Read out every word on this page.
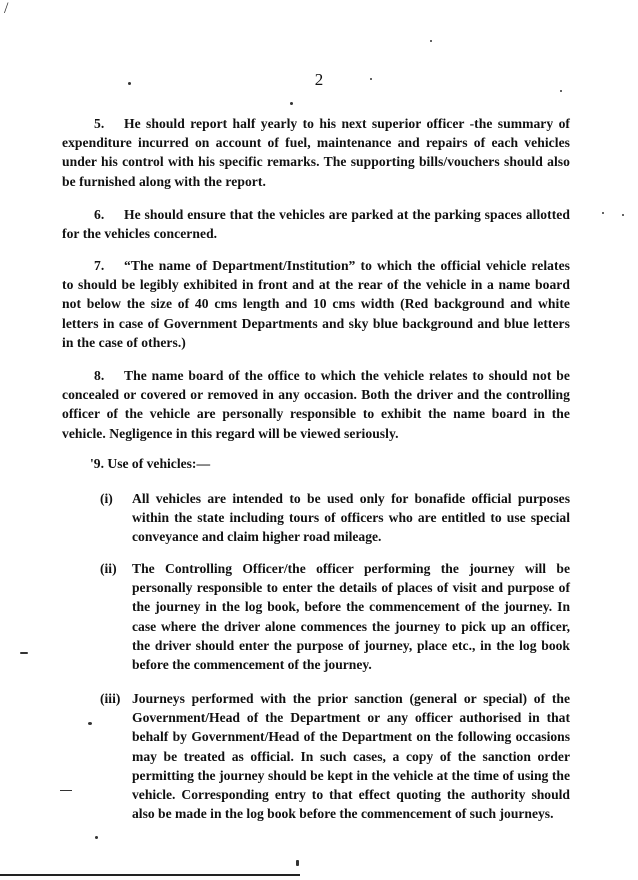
/
2
5. He should report half yearly to his next superior officer -the summary of expenditure incurred on account of fuel, maintenance and repairs of each vehicles under his control with his specific remarks. The supporting bills/vouchers should also be furnished along with the report.
6. He should ensure that the vehicles are parked at the parking spaces allotted for the vehicles concerned.
7. “The name of Department/Institution” to which the official vehicle relates to should be legibly exhibited in front and at the rear of the vehicle in a name board not below the size of 40 cms length and 10 cms width (Red background and white letters in case of Government Departments and sky blue background and blue letters in the case of others.)
8. The name board of the office to which the vehicle relates to should not be concealed or covered or removed in any occasion. Both the driver and the controlling officer of the vehicle are personally responsible to exhibit the name board in the vehicle. Negligence in this regard will be viewed seriously.
'9. Use of vehicles:—
(i)	All vehicles are intended to be used only for bonafide official purposes within the state including tours of officers who are entitled to use special conveyance and claim higher road mileage.
(ii)	The Controlling Officer/the officer performing the journey will be personally responsible to enter the details of places of visit and purpose of the journey in the log book, before the commencement of the journey. In case where the driver alone commences the journey to pick up an officer, the driver should enter the purpose of journey, place etc., in the log book before the commencement of the journey.
(iii) Journeys performed with the prior sanction (general or special) of the Government/Head of the Department or any officer authorised in that behalf by Government/Head of the Department on the following occasions may be treated as official. In such cases, a copy of the sanction order permitting the journey should be kept in the vehicle at the time of using the vehicle. Corresponding entry to that effect quoting the authority should also be made in the log book before the commencement of such journeys.
